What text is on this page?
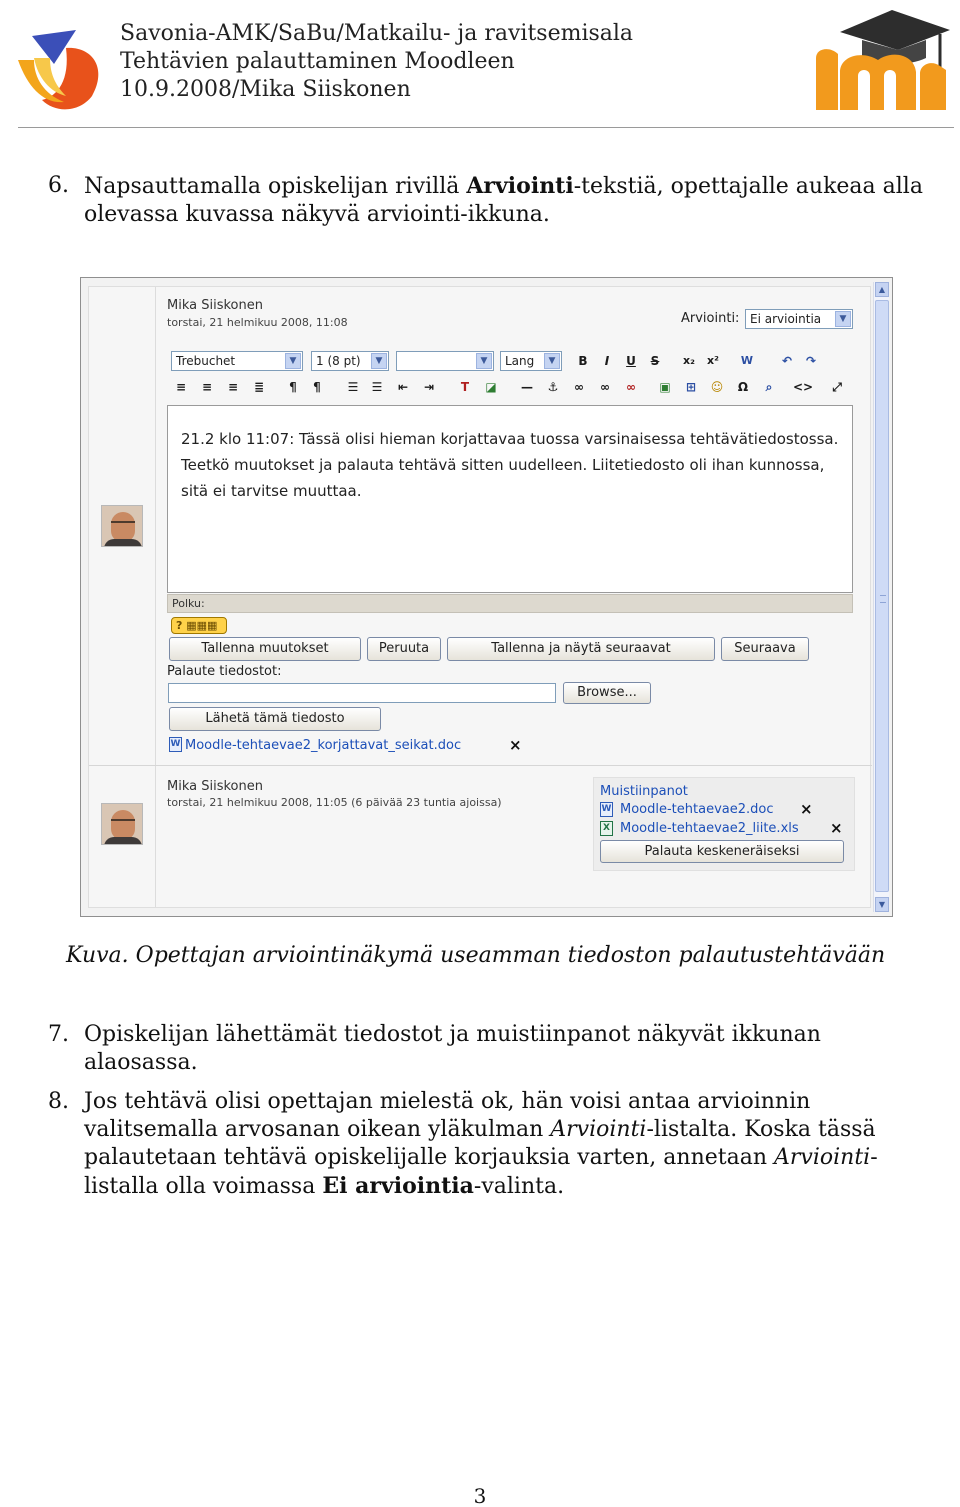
Savonia-AMK/SaBu/Matkailu- ja ravitsemisala
Tehtävien palauttaminen Moodleen
10.9.2008/Mika Siiskonen
6. Napsauttamalla opiskelijan rivillä Arviointi-tekstiä, opettajalle aukeaa alla olevassa kuvassa näkyvä arviointi-ikkuna.
Mika Siiskonen
torstai, 21 helmikuu 2008, 11:08	Arviointi: Ei arviointia	▼
Trebuchet	▼	1 (8 pt)	▼	▼	Lang	▼	B	I	U	S	x₂	x²	W	↶	↷
≡	≡	≡	≣	¶	¶	☰	☰	⇤	⇥	T	◪	—	⚓	∞	∞	∞	▣	⊞	☺	Ω	⌕	<>	⤢
21.2 klo 11:07: Tässä olisi hieman korjattavaa tuossa varsinaisessa tehtävätiedostossa. Teetkö muutokset ja palauta tehtävä sitten uudelleen. Liitetiedosto oli ihan kunnossa, sitä ei tarvitse muuttaa.
Polku:
? ▦▦▦
Tallenna muutokset	Peruuta	Tallenna ja näytä seuraavat	Seuraava
Palaute tiedostot:
Browse...
Lähetä tämä tiedosto
W Moodle-tehtaevae2_korjattavat_seikat.doc	×
Mika Siiskonen
torstai, 21 helmikuu 2008, 11:05 (6 päivää 23 tuntia ajoissa)
Muistiinpanot
W Moodle-tehtaevae2.doc ×
X Moodle-tehtaevae2_liite.xls ×
Palauta keskeneräiseksi
▲
▼
Kuva. Opettajan arviointinäkymä useamman tiedoston palautustehtävään
7. Opiskelijan lähettämät tiedostot ja muistiinpanot näkyvät ikkunan alaosassa.
8. Jos tehtävä olisi opettajan mielestä ok, hän voisi antaa arvioinnin valitsemalla arvosanan oikean yläkulman Arviointi-listalta. Koska tässä palautetaan tehtävä opiskelijalle korjauksia varten, annetaan Arviointi-listalla olla voimassa Ei arviointia-valinta.
3
